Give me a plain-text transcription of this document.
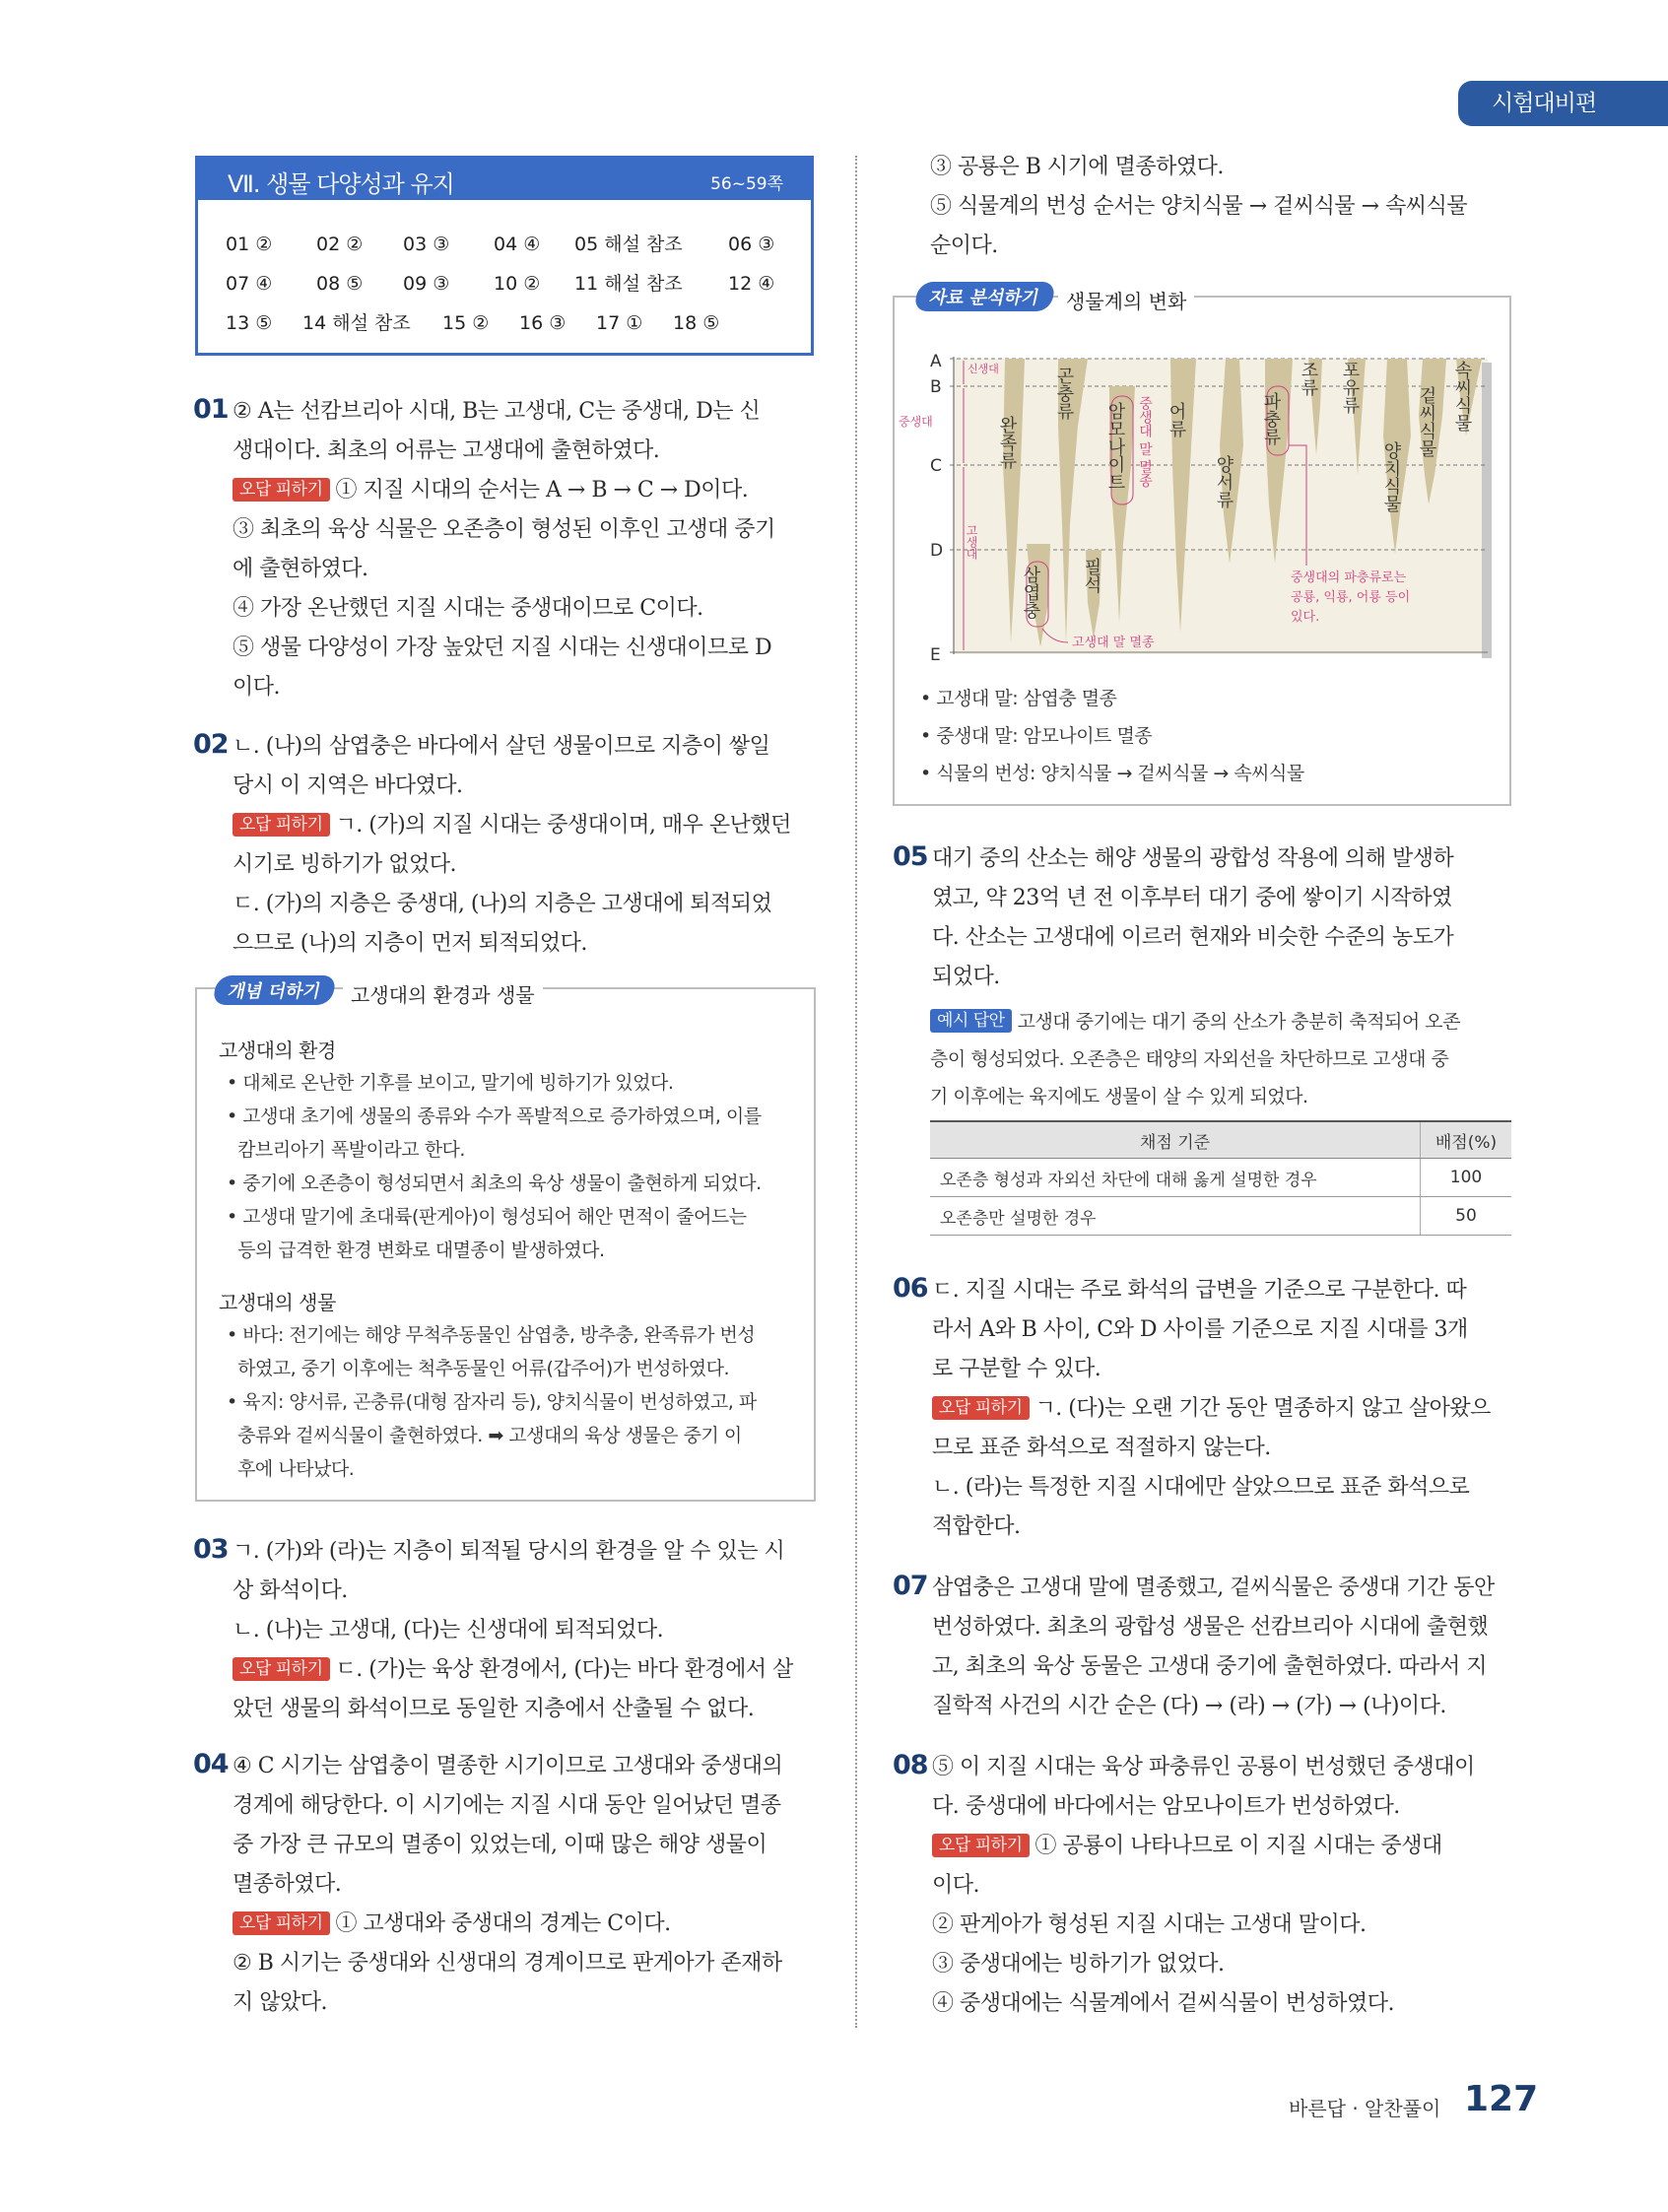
시험대비편
Ⅶ. 생물 다양성과 유지	56~59쪽
01 ② 02 ② 03 ③ 04 ④ 05 해설 참조 06 ③
07 ④ 08 ⑤ 09 ③ 10 ② 11 해설 참조 12 ④
13 ⑤ 14 해설 참조 15 ② 16 ③ 17 ① 18 ⑤
01 ② A는 선캄브리아 시대, B는 고생대, C는 중생대, D는 신
생대이다. 최초의 어류는 고생대에 출현하였다.
오답 피하기 ① 지질 시대의 순서는 A → B → C → D이다.
③ 최초의 육상 식물은 오존층이 형성된 이후인 고생대 중기
에 출현하였다.
④ 가장 온난했던 지질 시대는 중생대이므로 C이다.
⑤ 생물 다양성이 가장 높았던 지질 시대는 신생대이므로 D
이다.
02 ㄴ. (나)의 삼엽충은 바다에서 살던 생물이므로 지층이 쌓일
당시 이 지역은 바다였다.
오답 피하기 ㄱ. (가)의 지질 시대는 중생대이며, 매우 온난했던
시기로 빙하기가 없었다.
ㄷ. (가)의 지층은 중생대, (나)의 지층은 고생대에 퇴적되었
으므로 (나)의 지층이 먼저 퇴적되었다.
개념 더하기	고생대의 환경과 생물
고생대의 환경
• 대체로 온난한 기후를 보이고, 말기에 빙하기가 있었다.
• 고생대 초기에 생물의 종류와 수가 폭발적으로 증가하였으며, 이를
캄브리아기 폭발이라고 한다.
• 중기에 오존층이 형성되면서 최초의 육상 생물이 출현하게 되었다.
• 고생대 말기에 초대륙(판게아)이 형성되어 해안 면적이 줄어드는
등의 급격한 환경 변화로 대멸종이 발생하였다.
고생대의 생물
• 바다: 전기에는 해양 무척추동물인 삼엽충, 방추충, 완족류가 번성
하였고, 중기 이후에는 척추동물인 어류(갑주어)가 번성하였다.
• 육지: 양서류, 곤충류(대형 잠자리 등), 양치식물이 번성하였고, 파
충류와 겉씨식물이 출현하였다. ➡ 고생대의 육상 생물은 중기 이
후에 나타났다.
03 ㄱ. (가)와 (라)는 지층이 퇴적될 당시의 환경을 알 수 있는 시
상 화석이다.
ㄴ. (나)는 고생대, (다)는 신생대에 퇴적되었다.
오답 피하기 ㄷ. (가)는 육상 환경에서, (다)는 바다 환경에서 살
았던 생물의 화석이므로 동일한 지층에서 산출될 수 없다.
04 ④ C 시기는 삼엽충이 멸종한 시기이므로 고생대와 중생대의
경계에 해당한다. 이 시기에는 지질 시대 동안 일어났던 멸종
중 가장 큰 규모의 멸종이 있었는데, 이때 많은 해양 생물이
멸종하였다.
오답 피하기 ① 고생대와 중생대의 경계는 C이다.
② B 시기는 중생대와 신생대의 경계이므로 판게아가 존재하
지 않았다.
③ 공룡은 B 시기에 멸종하였다.
⑤ 식물계의 번성 순서는 양치식물 → 겉씨식물 → 속씨식물
순이다.
자료 분석하기	생물계의 변화
A
B
C
D
E
신생대
중생대
고생대
완족류
곤충류
암모나이트 중생대 말 멸종 어류
양서류
파충류
조류 포유류
양치식물
겉씨식물 속씨식물
삼엽충 필석
고생대 말 멸종
중생대의 파충류로는
공룡, 익룡, 어룡 등이
있다.
• 고생대 말: 삼엽충 멸종
• 중생대 말: 암모나이트 멸종
• 식물의 번성: 양치식물 → 겉씨식물 → 속씨식물
05 대기 중의 산소는 해양 생물의 광합성 작용에 의해 발생하
였고, 약 23억 년 전 이후부터 대기 중에 쌓이기 시작하였
다. 산소는 고생대에 이르러 현재와 비슷한 수준의 농도가
되었다.
예시 답안 고생대 중기에는 대기 중의 산소가 충분히 축적되어 오존
층이 형성되었다. 오존층은 태양의 자외선을 차단하므로 고생대 중
기 이후에는 육지에도 생물이 살 수 있게 되었다.
채점 기준	배점(%)
오존층 형성과 자외선 차단에 대해 옳게 설명한 경우	100
오존층만 설명한 경우	50
06 ㄷ. 지질 시대는 주로 화석의 급변을 기준으로 구분한다. 따
라서 A와 B 사이, C와 D 사이를 기준으로 지질 시대를 3개
로 구분할 수 있다.
오답 피하기 ㄱ. (다)는 오랜 기간 동안 멸종하지 않고 살아왔으
므로 표준 화석으로 적절하지 않는다.
ㄴ. (라)는 특정한 지질 시대에만 살았으므로 표준 화석으로
적합한다.
07 삼엽충은 고생대 말에 멸종했고, 겉씨식물은 중생대 기간 동안
번성하였다. 최초의 광합성 생물은 선캄브리아 시대에 출현했
고, 최초의 육상 동물은 고생대 중기에 출현하였다. 따라서 지
질학적 사건의 시간 순은 (다) → (라) → (가) → (나)이다.
08 ⑤ 이 지질 시대는 육상 파충류인 공룡이 번성했던 중생대이
다. 중생대에 바다에서는 암모나이트가 번성하였다.
오답 피하기 ① 공룡이 나타나므로 이 지질 시대는 중생대
이다.
② 판게아가 형성된 지질 시대는 고생대 말이다.
③ 중생대에는 빙하기가 없었다.
④ 중생대에는 식물계에서 겉씨식물이 번성하였다.
바른답 · 알찬풀이 127
